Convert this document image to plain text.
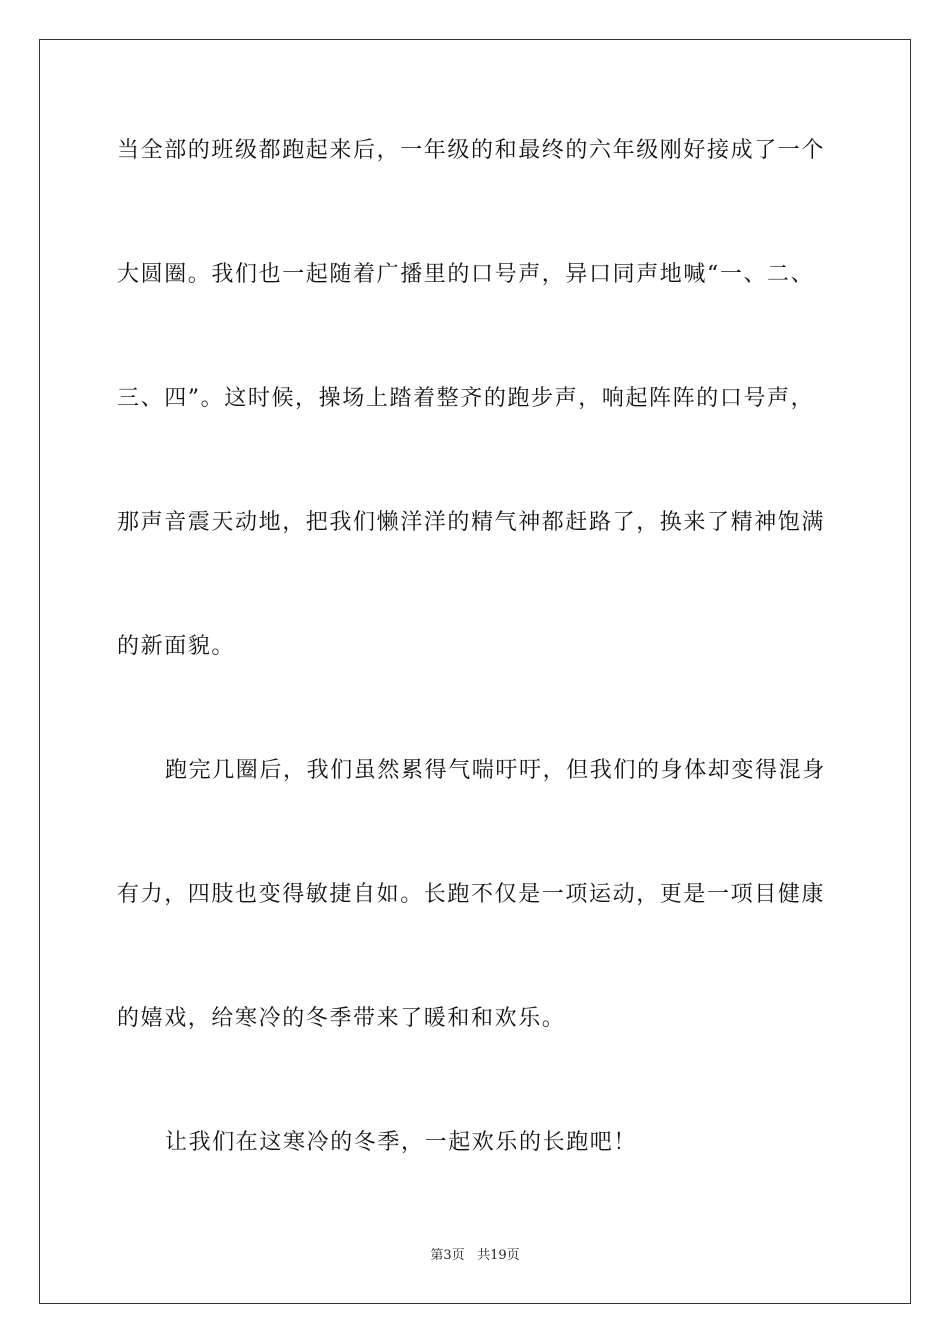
当全部的班级都跑起来后，一年级的和最终的六年级刚好接成了一个
大圆圈。我们也一起随着广播里的口号声，异口同声地喊“一、二、
三、四”。这时候，操场上踏着整齐的跑步声，响起阵阵的口号声，
那声音震天动地，把我们懒洋洋的精气神都赶路了，换来了精神饱满
的新面貌。
跑完几圈后，我们虽然累得气喘吁吁，但我们的身体却变得混身
有力，四肢也变得敏捷自如。长跑不仅是一项运动，更是一项目健康
的嬉戏，给寒冷的冬季带来了暖和和欢乐。
让我们在这寒冷的冬季，一起欢乐的长跑吧！
第3页 共19页
